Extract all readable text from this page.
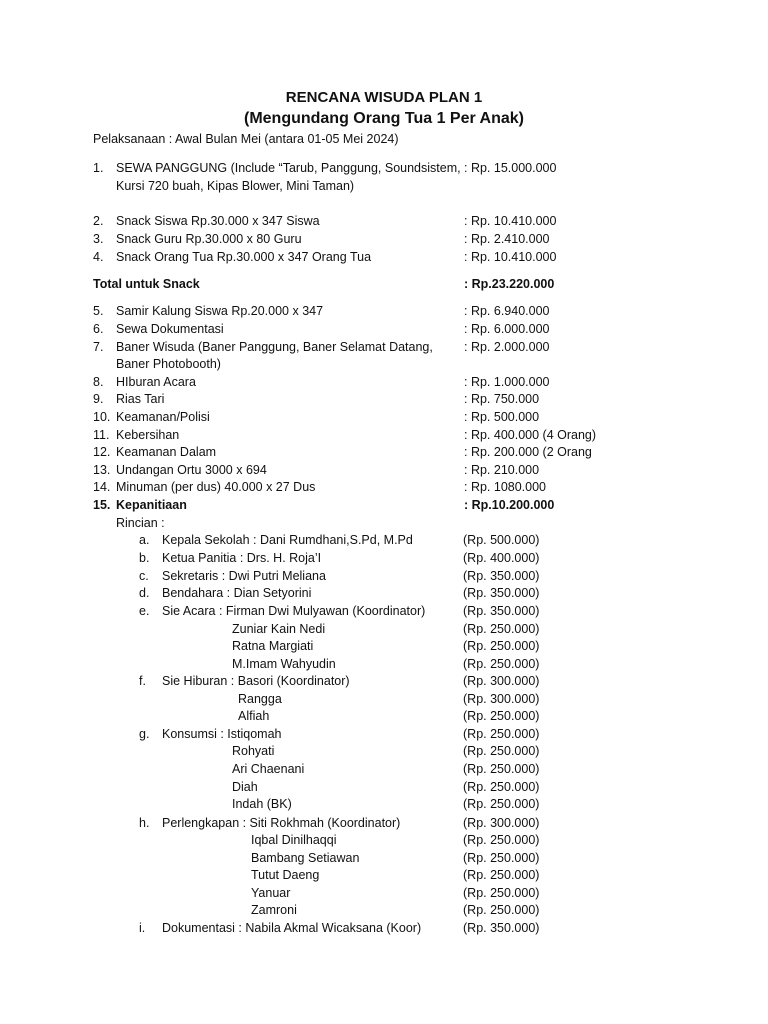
RENCANA WISUDA PLAN 1
(Mengundang Orang Tua 1 Per Anak)
Pelaksanaan : Awal Bulan Mei (antara 01-05 Mei 2024)
1. SEWA PANGGUNG (Include “Tarub, Panggung, Soundsistem, : Rp. 15.000.000
Kursi 720 buah, Kipas Blower, Mini Taman)
2. Snack Siswa Rp.30.000 x 347 Siswa	: Rp. 10.410.000
3. Snack Guru Rp.30.000 x 80 Guru	: Rp. 2.410.000
4. Snack Orang Tua Rp.30.000 x 347 Orang Tua	: Rp. 10.410.000
Total untuk Snack	: Rp.23.220.000
5. Samir Kalung Siswa Rp.20.000 x 347	: Rp. 6.940.000
6. Sewa Dokumentasi	: Rp. 6.000.000
7. Baner Wisuda (Baner Panggung, Baner Selamat Datang, : Rp. 2.000.000
Baner Photobooth)
8. HIburan Acara	: Rp. 1.000.000
9. Rias Tari	: Rp. 750.000
10. Keamanan/Polisi	: Rp. 500.000
11. Kebersihan	: Rp. 400.000 (4 Orang)
12. Keamanan Dalam	: Rp. 200.000 (2 Orang
13. Undangan Ortu 3000 x 694	: Rp. 210.000
14. Minuman (per dus) 40.000 x 27 Dus	: Rp. 1080.000
15. Kepanitiaan	: Rp.10.200.000
Rincian :
a. Kepala Sekolah : Dani Rumdhani,S.Pd, M.Pd	(Rp. 500.000)
b. Ketua Panitia : Drs. H. Roja’I	(Rp. 400.000)
c. Sekretaris : Dwi Putri Meliana	(Rp. 350.000)
d. Bendahara : Dian Setyorini	(Rp. 350.000)
e. Sie Acara : Firman Dwi Mulyawan (Koordinator)	(Rp. 350.000)
Zuniar Kain Nedi	(Rp. 250.000)
Ratna Margiati	(Rp. 250.000)
M.Imam Wahyudin	(Rp. 250.000)
f. Sie Hiburan : Basori (Koordinator)	(Rp. 300.000)
Rangga	(Rp. 300.000)
Alfiah	(Rp. 250.000)
g. Konsumsi : Istiqomah	(Rp. 250.000)
Rohyati	(Rp. 250.000)
Ari Chaenani	(Rp. 250.000)
Diah	(Rp. 250.000)
Indah (BK)	(Rp. 250.000)
h. Perlengkapan : Siti Rokhmah (Koordinator)	(Rp. 300.000)
Iqbal Dinilhaqqi	(Rp. 250.000)
Bambang Setiawan	(Rp. 250.000)
Tutut Daeng	(Rp. 250.000)
Yanuar	(Rp. 250.000)
Zamroni	(Rp. 250.000)
i. Dokumentasi : Nabila Akmal Wicaksana (Koor)	(Rp. 350.000)
